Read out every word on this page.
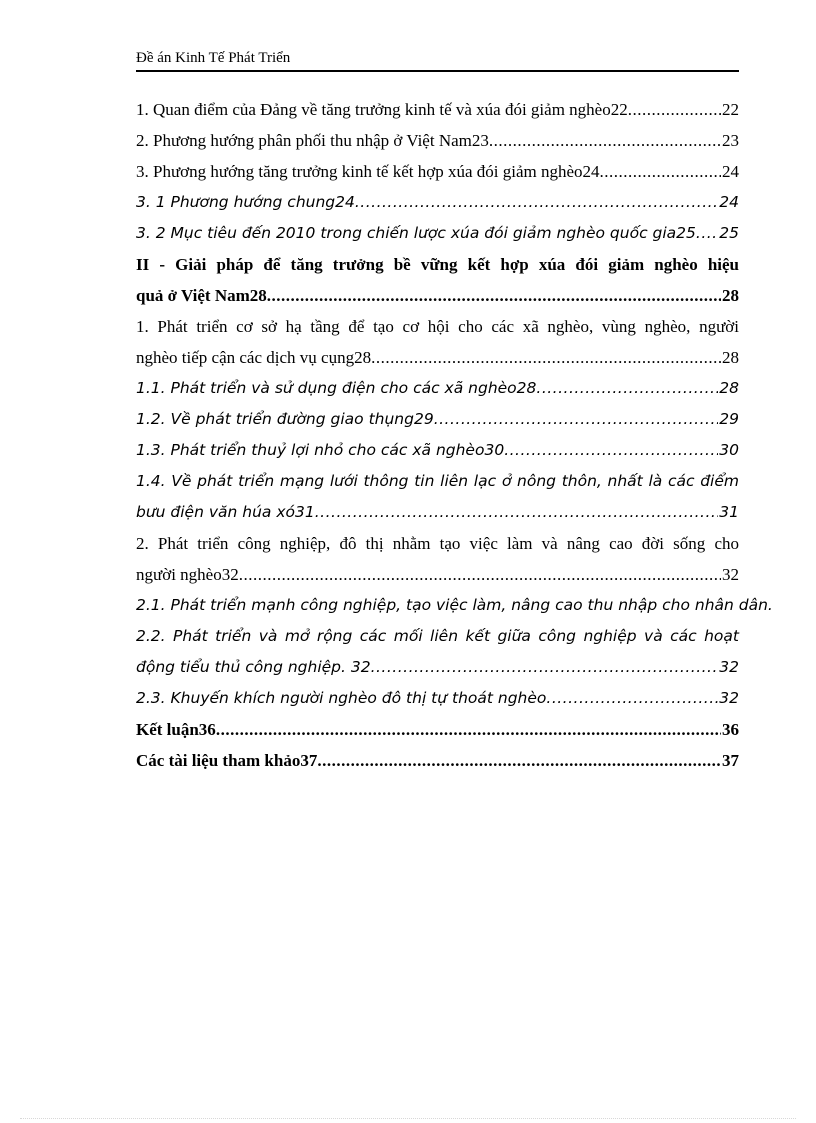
Đề án Kinh Tế Phát Triển
1. Quan điểm của Đảng về tăng trưởng kinh tế và xúa đói giảm nghèo22 .....	22
2. Phương hướng phân phối thu nhập ở Việt Nam23 .....	23
3. Phương hướng tăng trưởng kinh tế kết hợp xúa đói giảm nghèo24 .....	24
3. 1 Phương hướng chung24 .....	24
3. 2 Mục tiêu đến 2010 trong chiến lược xúa đói giảm nghèo quốc gia25 ..... 25
II - Giải pháp để tăng trưởng bề vững kết hợp xúa đói giảm nghèo hiệu
quả ở Việt Nam28 .....	28
1. Phát triển cơ sở hạ tầng để tạo cơ hội cho các xã nghèo, vùng nghèo, người
nghèo tiếp cận các dịch vụ cụng28 .....	28
1.1. Phát triển và sử dụng điện cho các xã nghèo28 .....	28
1.2. Về phát triển đường giao thụng29 .....	29
1.3. Phát triển thuỷ lợi nhỏ cho các xã nghèo30 .....	30
1.4. Về phát triển mạng lưới thông tin liên lạc ở nông thôn, nhất là các điểm
bưu điện văn húa xó31 .....	31
2. Phát triển công nghiệp, đô thị nhằm tạo việc làm và nâng cao đời sống cho
người nghèo32 .....	32
2.1. Phát triển mạnh công nghiệp, tạo việc làm, nâng cao thu nhập cho nhân dân.
2.2. Phát triển và mở rộng các mối liên kết giữa công nghiệp và các hoạt
động tiểu thủ công nghiệp. 32 .....	32
2.3. Khuyến khích người nghèo đô thị tự thoát nghèo .....	32
Kết luận36 .....	36
Các tài liệu tham khảo37 .....	37
